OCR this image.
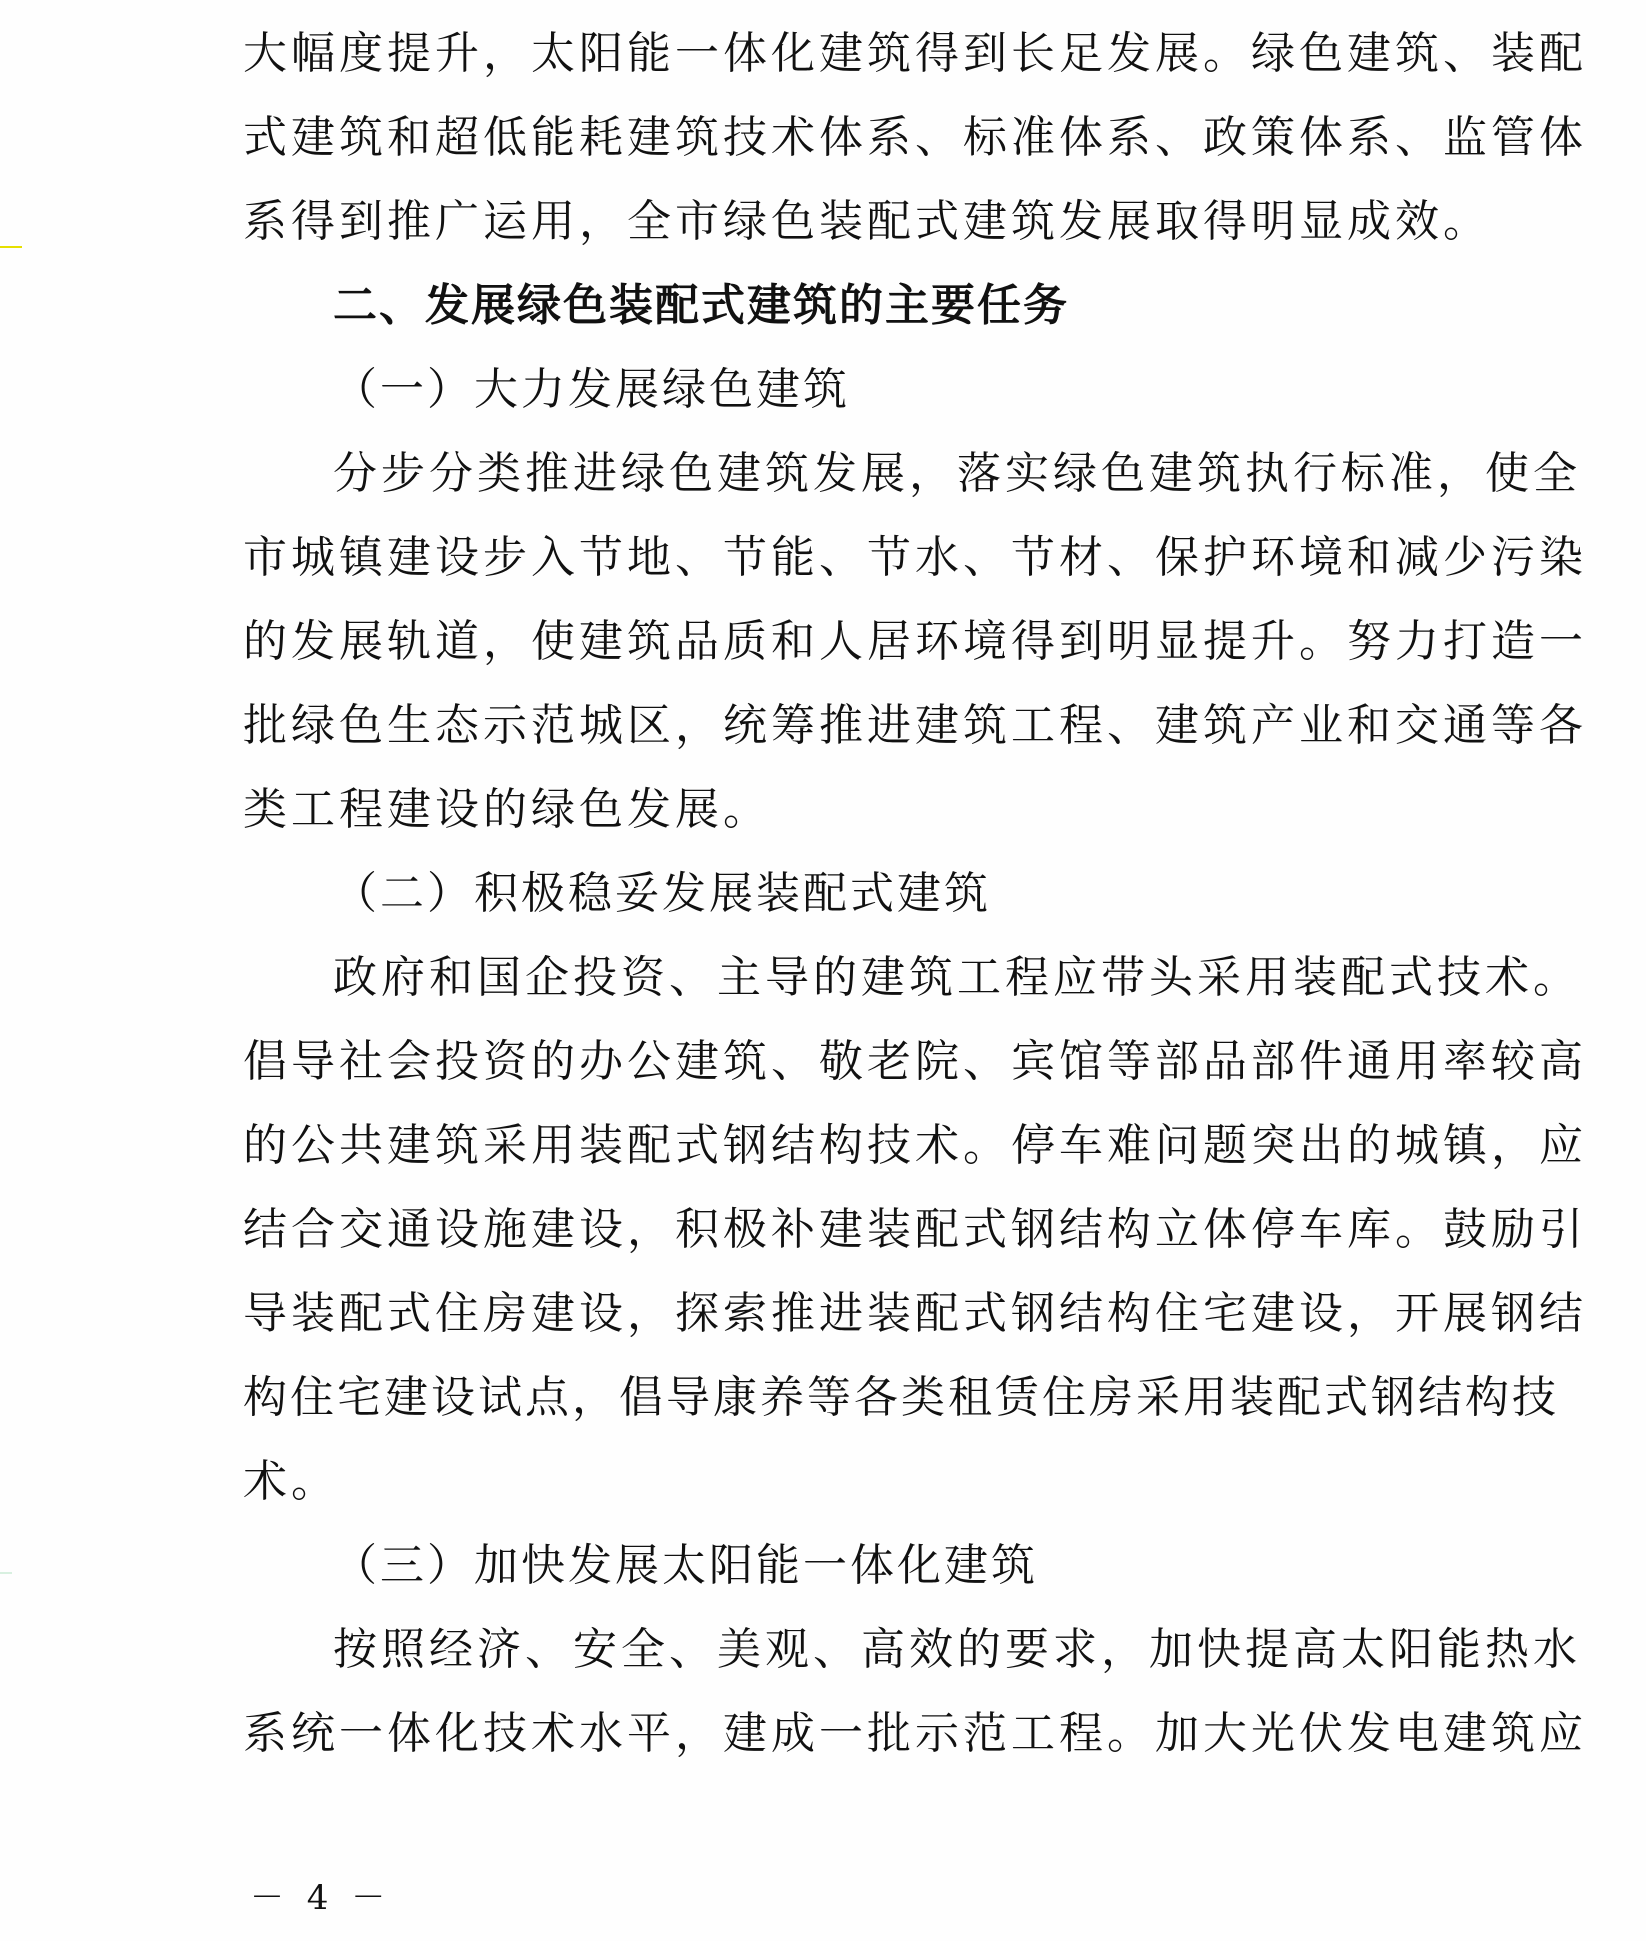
大幅度提升，太阳能一体化建筑得到长足发展。绿色建筑、装配
式建筑和超低能耗建筑技术体系、标准体系、政策体系、监管体
系得到推广运用，全市绿色装配式建筑发展取得明显成效。
二、发展绿色装配式建筑的主要任务
（一）大力发展绿色建筑
分步分类推进绿色建筑发展，落实绿色建筑执行标准，使全
市城镇建设步入节地、节能、节水、节材、保护环境和减少污染
的发展轨道，使建筑品质和人居环境得到明显提升。努力打造一
批绿色生态示范城区，统筹推进建筑工程、建筑产业和交通等各
类工程建设的绿色发展。
（二）积极稳妥发展装配式建筑
政府和国企投资、主导的建筑工程应带头采用装配式技术。
倡导社会投资的办公建筑、敬老院、宾馆等部品部件通用率较高
的公共建筑采用装配式钢结构技术。停车难问题突出的城镇，应
结合交通设施建设，积极补建装配式钢结构立体停车库。鼓励引
导装配式住房建设，探索推进装配式钢结构住宅建设，开展钢结
构住宅建设试点，倡导康养等各类租赁住房采用装配式钢结构技
术。
（三）加快发展太阳能一体化建筑
按照经济、安全、美观、高效的要求，加快提高太阳能热水
系统一体化技术水平，建成一批示范工程。加大光伏发电建筑应
－ 4 －
